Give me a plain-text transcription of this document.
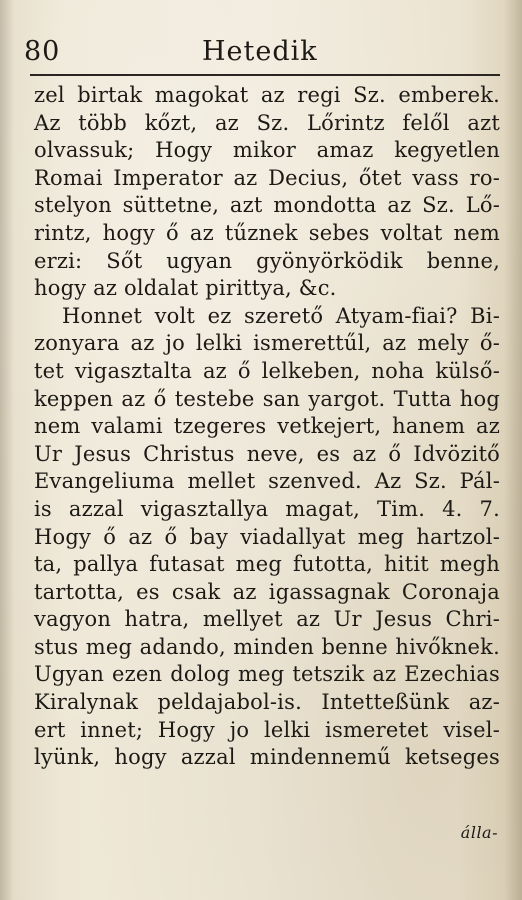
80	Hetedik
zel birtak magokat az regi Sz. emberek.
Az több kőzt, az Sz. Lőrintz felől azt
olvassuk; Hogy mikor amaz kegyetlen
Romai Imperator az Decius, őtet vass ro-
stelyon süttetne, azt mondotta az Sz. Lő-
rintz, hogy ő az tűznek sebes voltat nem
erzi: Sőt ugyan gyönyörködik benne,
hogy az oldalat pirittya, &c.
Honnet volt ez szerető Atyam-fiai? Bi-
zonyara az jo lelki ismerettűl, az mely ő-
tet vigasztalta az ő lelkeben, noha külső-
keppen az ő testebe san yargot. Tutta hog
nem valami tzegeres vetkejert, hanem az
Ur Jesus Christus neve, es az ő Idvözitő
Evangeliuma mellet szenved. Az Sz. Pál-
is azzal vigasztallya magat, Tim. 4. 7.
Hogy ő az ő bay viadallyat meg hartzol-
ta, pallya futasat meg futotta, hitit megh
tartotta, es csak az igassagnak Coronaja
vagyon hatra, mellyet az Ur Jesus Chri-
stus meg adando, minden benne hivőknek.
Ugyan ezen dolog meg tetszik az Ezechias
Kiralynak peldajabol-is. Intetteßünk az-
ert innet; Hogy jo lelki ismeretet visel-
lyünk, hogy azzal mindennemű ketseges
álla-
